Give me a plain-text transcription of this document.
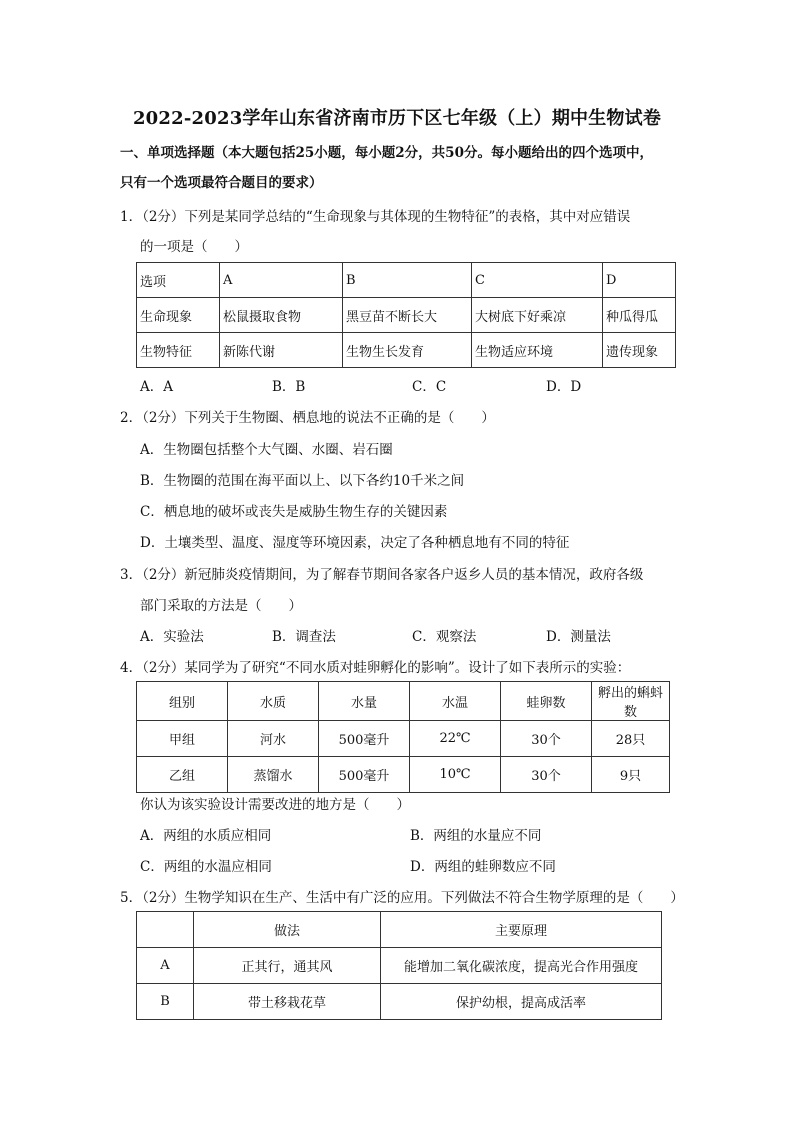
2022-2023学年山东省济南市历下区七年级（上）期中生物试卷
一、单项选择题（本大题包括25小题，每小题2分，共50分。每小题给出的四个选项中，
只有一个选项最符合题目的要求）
1．（2分）下列是某同学总结的“生命现象与其体现的生物特征”的表格，其中对应错误
的一项是（　　）
选项	A	B	C	D
生命现象	松鼠摄取食物	黑豆苗不断长大	大树底下好乘凉	种瓜得瓜
生物特征	新陈代谢	生物生长发育	生物适应环境	遗传现象
A．A	B．B	C．C	D．D
2．（2分）下列关于生物圈、栖息地的说法不正确的是（　　）
A．生物圈包括整个大气圈、水圈、岩石圈
B．生物圈的范围在海平面以上、以下各约10千米之间
C．栖息地的破坏或丧失是威胁生物生存的关键因素
D．土壤类型、温度、湿度等环境因素，决定了各种栖息地有不同的特征
3．（2分）新冠肺炎疫情期间，为了解春节期间各家各户返乡人员的基本情况，政府各级
部门采取的方法是（　　）
A．实验法	B．调查法	C．观察法	D．测量法
4．（2分）某同学为了研究“不同水质对蛙卵孵化的影响”。设计了如下表所示的实验：
组别	水质	水量	水温	蛙卵数	孵出的蝌蚪数
甲组	河水	500毫升	22℃	30个	28只
乙组	蒸馏水	500毫升	10℃	30个	9只
你认为该实验设计需要改进的地方是（　　）
A．两组的水质应相同	B．两组的水量应不同
C．两组的水温应相同	D．两组的蛙卵数应不同
5．（2分）生物学知识在生产、生活中有广泛的应用。下列做法不符合生物学原理的是（　　）
	做法	主要原理
A	正其行，通其风	能增加二氧化碳浓度，提高光合作用强度
B	带土移栽花草	保护幼根，提高成活率
